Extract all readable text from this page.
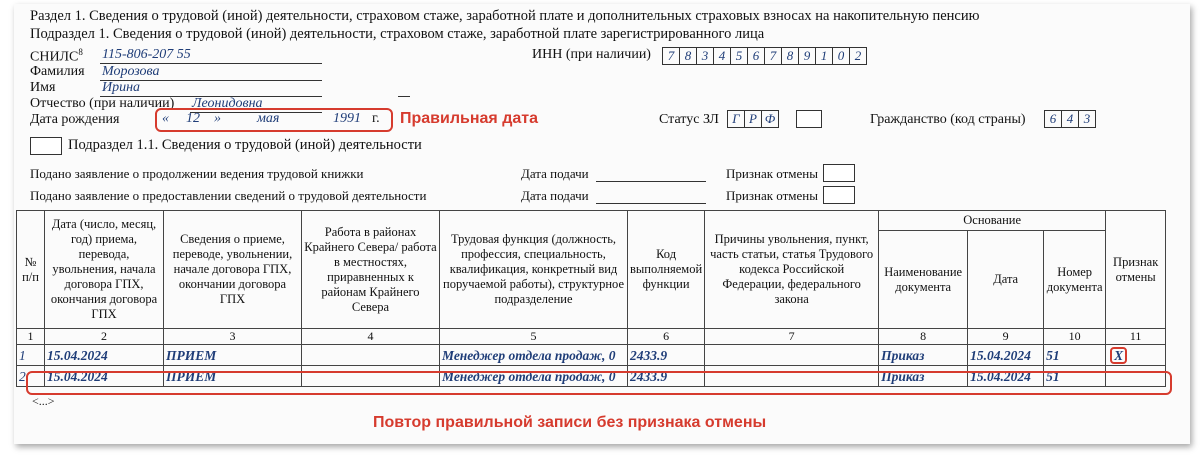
Раздел 1. Сведения о трудовой (иной) деятельности, страховом стаже, заработной плате и дополнительных страховых взносах на накопительную пенсию
Подраздел 1. Сведения о трудовой (иной) деятельности, страховом стаже, заработной плате зарегистрированного лица
СНИЛС$^8$ 115-806-207 55	ИНН (при наличии)	7 8 3 4 5 6 7 8 9 1 0 2
Фамилия Морозова
Имя	Ирина
Отчество (при наличии) Леонидовна
Дата рождения	« 12 »	мая	1991 г. Правильная дата	Статус ЗЛ	Г Р Ф	Гражданство (код страны)	6 4 3
Подраздел 1.1. Сведения о трудовой (иной) деятельности
Подано заявление о продолжении ведения трудовой книжки	Дата подачи	Признак отмены
Подано заявление о предоставлении сведений о трудовой деятельности	Дата подачи	Признак отмены
№ п/п	Дата (число, месяц, год) приема, перевода, увольнения, начала договора ГПХ, окончания договора ГПХ	Сведения о приеме, переводе, увольнении, начале договора ГПХ, окончании договора ГПХ	Работа в районах Крайнего Севера/ работа в местностях, приравненных к районам Крайнего Севера	Трудовая функция (должность, профессия, специальность, квалификация, конкретный вид поручаемой работы), структурное подразделение	Код выполняемой функции	Причины увольнения, пункт, часть статьи, статья Трудового кодекса Российской Федерации, федерального закона	Основание			Признак отмены
							Наименование документа	Дата	Номер документа	
1	2	3	4	5	6	7	8	9	10	11
1	15.04.2024	ПРИЕМ		Менеджер отдела продаж, 0	2433.9		Приказ	15.04.2024	51	Х
2	15.04.2024	ПРИЕМ		Менеджер отдела продаж, 0	2433.9		Приказ	15.04.2024	51	
<...>
Повтор правильной записи без признака отмены
